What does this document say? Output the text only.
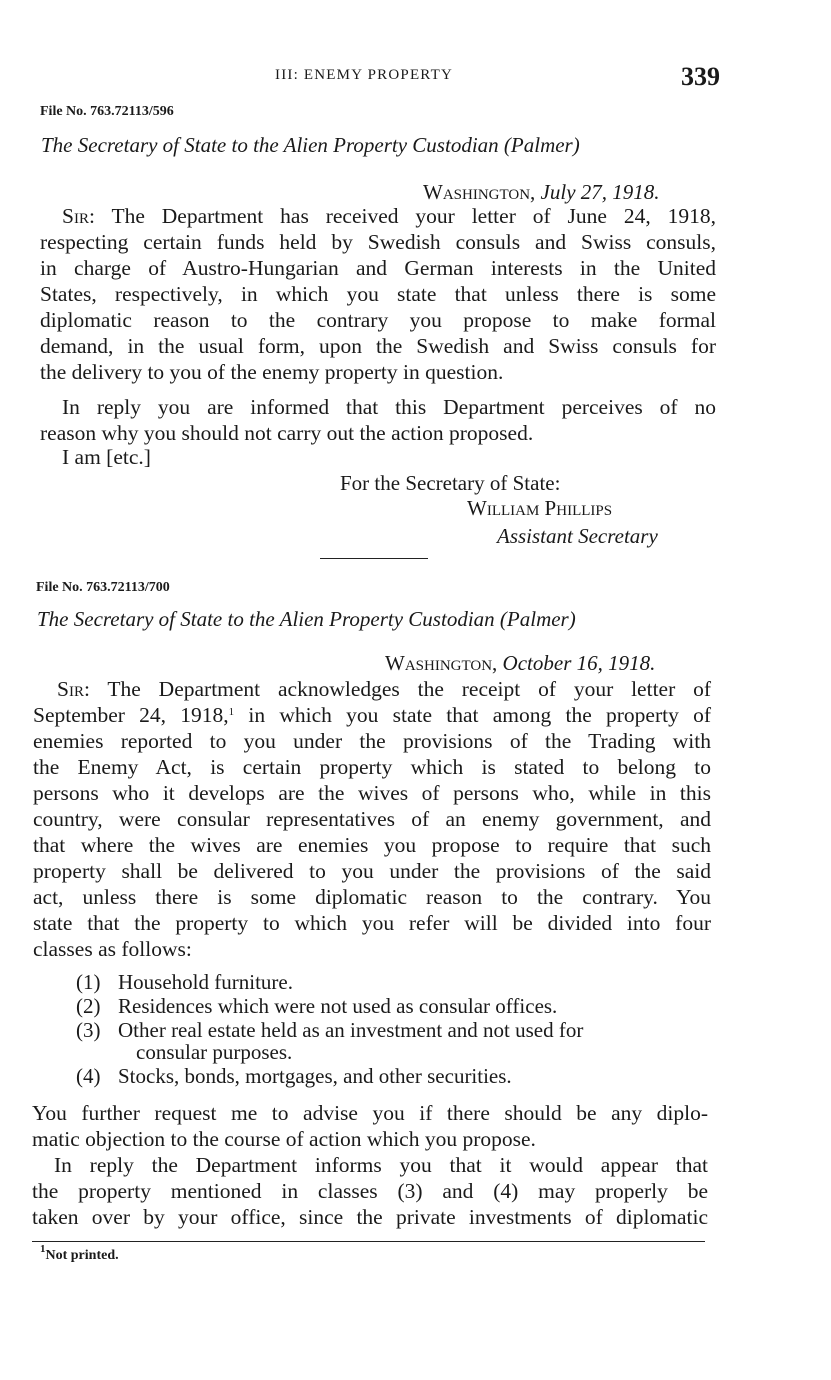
III: ENEMY PROPERTY	339
File No. 763.72113/596
The Secretary of State to the Alien Property Custodian (Palmer)
Washington, July 27, 1918.
Sir: The Department has received your letter of June 24, 1918,
respecting certain funds held by Swedish consuls and Swiss consuls,
in charge of Austro-Hungarian and German interests in the United
States, respectively, in which you state that unless there is some
diplomatic reason to the contrary you propose to make formal
demand, in the usual form, upon the Swedish and Swiss consuls for
the delivery to you of the enemy property in question.
In reply you are informed that this Department perceives of no
reason why you should not carry out the action proposed.
I am [etc.]
For the Secretary of State:
William Phillips
Assistant Secretary
File No. 763.72113/700
The Secretary of State to the Alien Property Custodian (Palmer)
Washington, October 16, 1918.
Sir: The Department acknowledges the receipt of your letter of
September 24, 1918,$^1$ in which you state that among the property of
enemies reported to you under the provisions of the Trading with
the Enemy Act, is certain property which is stated to belong to
persons who it develops are the wives of persons who, while in this
country, were consular representatives of an enemy government, and
that where the wives are enemies you propose to require that such
property shall be delivered to you under the provisions of the said
act, unless there is some diplomatic reason to the contrary. You
state that the property to which you refer will be divided into four
classes as follows:
(1) Household furniture.
(2) Residences which were not used as consular offices.
(3) Other real estate held as an investment and not used for
consular purposes.
(4) Stocks, bonds, mortgages, and other securities.
You further request me to advise you if there should be any diplo-
matic objection to the course of action which you propose.
In reply the Department informs you that it would appear that
the property mentioned in classes (3) and (4) may properly be
taken over by your office, since the private investments of diplomatic
$^1$Not printed.
